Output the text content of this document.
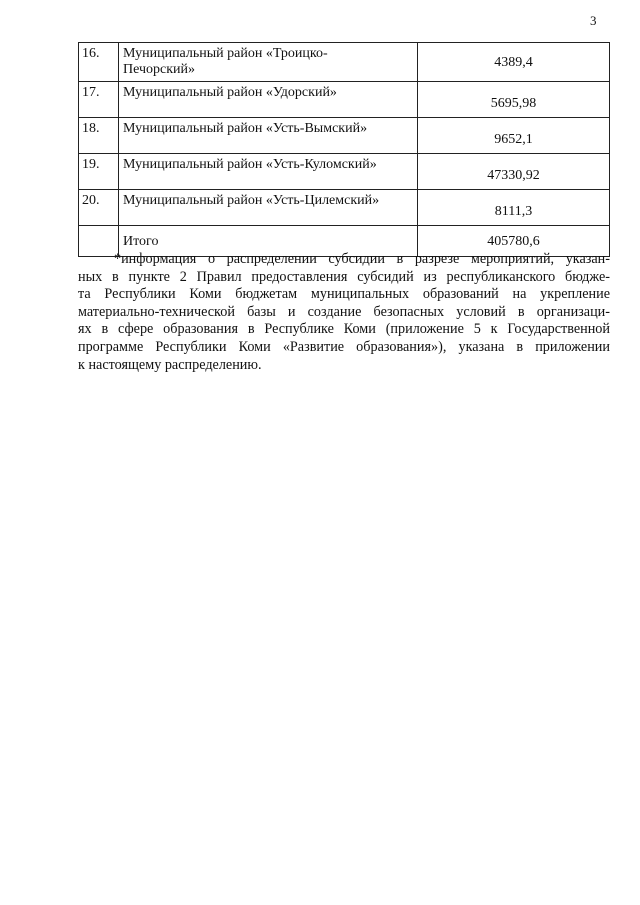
3
16.	Муниципальный район «Троицко-
Печорский»	4389,4
17.	Муниципальный район «Удорский»	5695,98
18.	Муниципальный район «Усть-Вымский»	9652,1
19.	Муниципальный район «Усть-Куломский»	47330,92
20.	Муниципальный район «Усть-Цилемский»	8111,3
	Итого	405780,6

*информация о распределении субсидии в разрезе мероприятий, указан-
ных в пункте 2 Правил предоставления субсидий из республиканского бюдже-
та Республики Коми бюджетам муниципальных образований на укрепление
материально-технической базы и создание безопасных условий в организаци-
ях в сфере образования в Республике Коми (приложение 5 к Государственной
программе Республики Коми «Развитие образования»), указана в приложении
к настоящему распределению.
